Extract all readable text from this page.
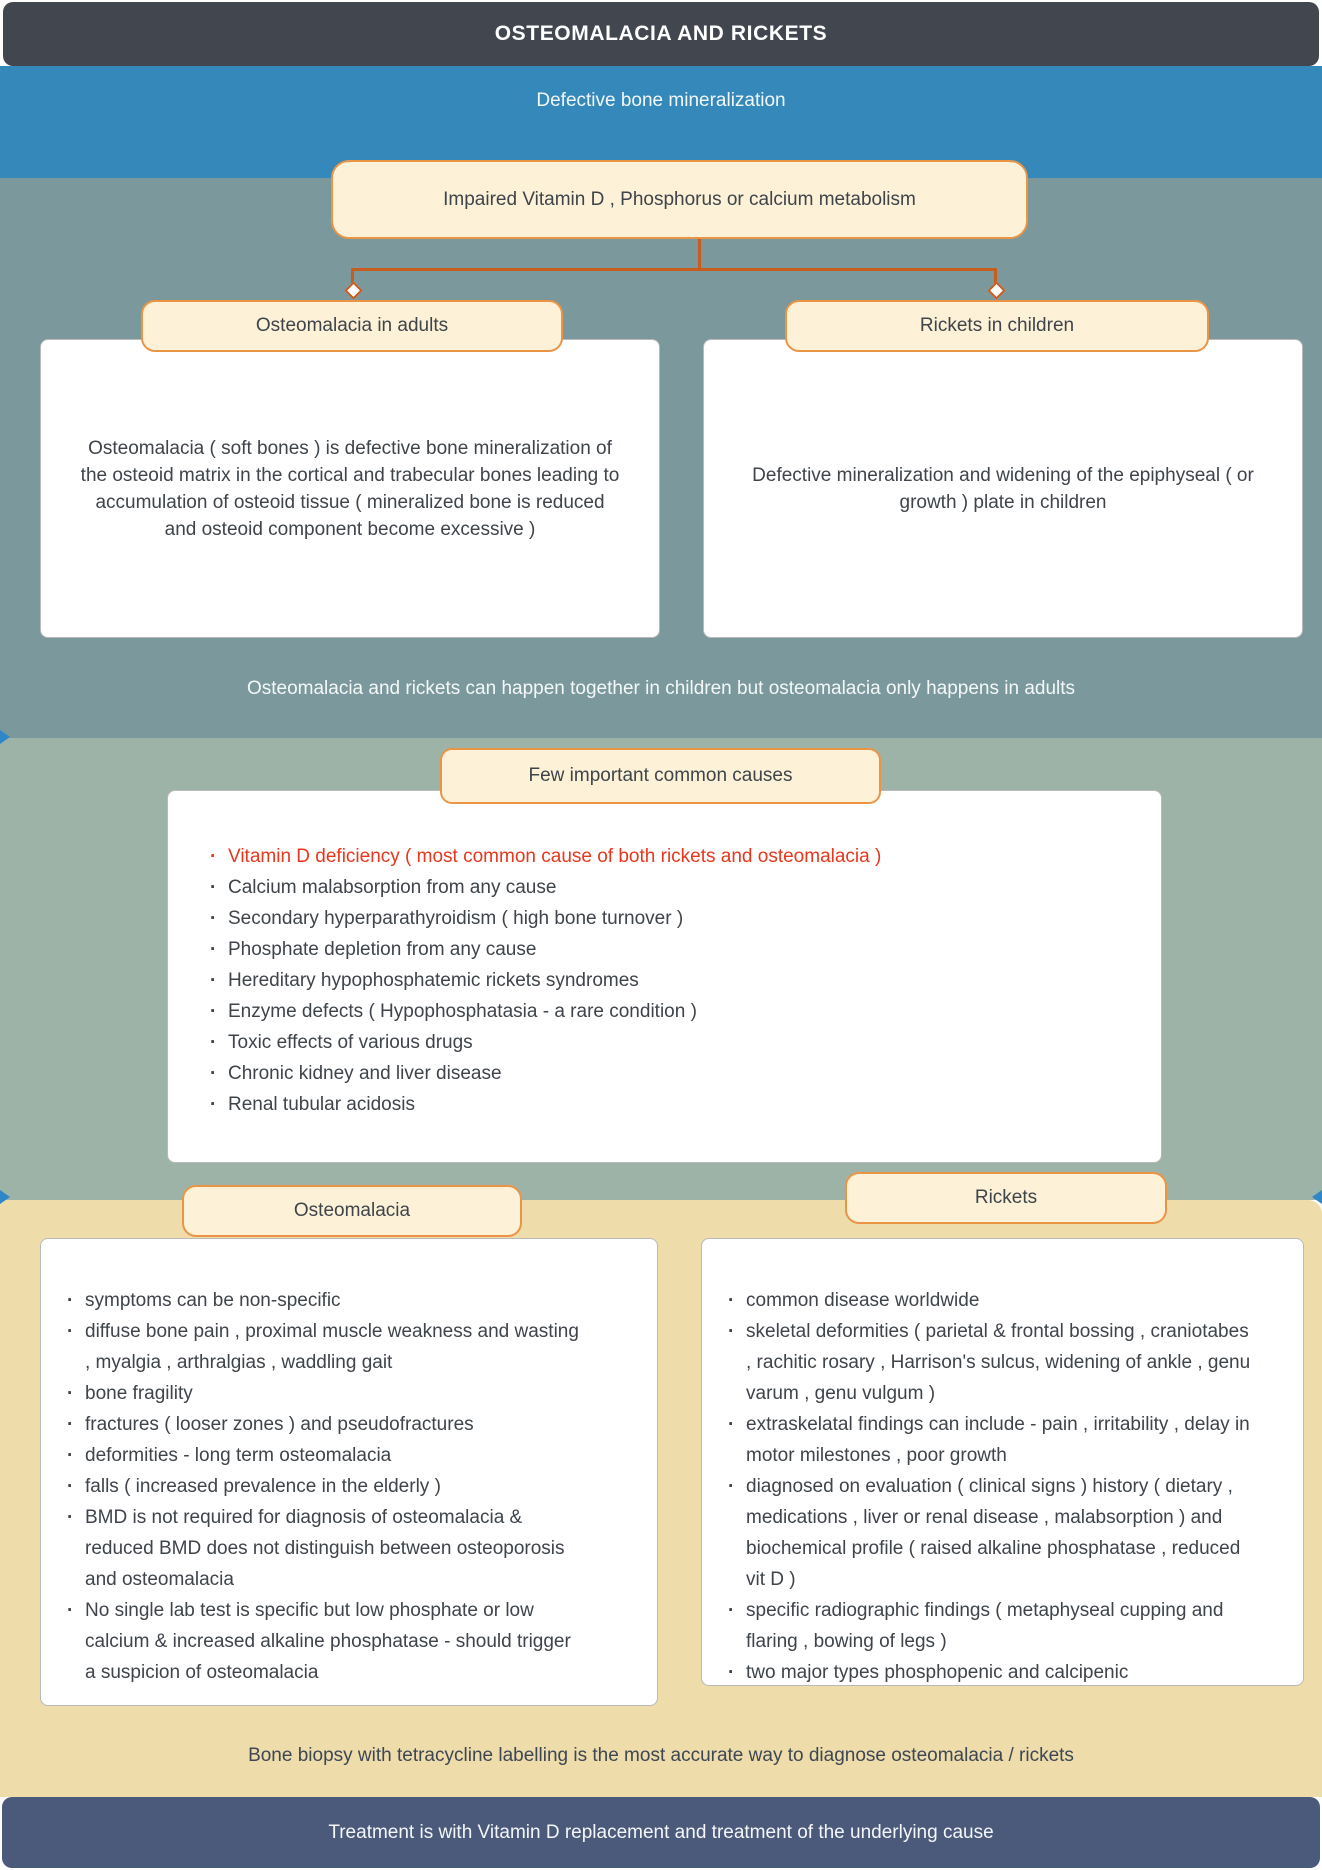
OSTEOMALACIA AND RICKETS
Defective bone mineralization
Impaired Vitamin D , Phosphorus or calcium metabolism
Osteomalacia in adults

Osteomalacia ( soft bones ) is defective bone mineralization of the osteoid matrix in the cortical and trabecular bones leading to accumulation of osteoid tissue ( mineralized bone is reduced and osteoid component become excessive )

Rickets in children

Defective mineralization and widening of the epiphyseal ( or growth ) plate in children

Osteomalacia and rickets can happen together in children but osteomalacia only happens in adults
Few important common causes
· Vitamin D deficiency ( most common cause of both rickets and osteomalacia )
· Calcium malabsorption from any cause
· Secondary hyperparathyroidism ( high bone turnover )
· Phosphate depletion from any cause
· Hereditary hypophosphatemic rickets syndromes
· Enzyme defects ( Hypophosphatasia - a rare condition )
· Toxic effects of various drugs
· Chronic kidney and liver disease
· Renal tubular acidosis
Osteomalacia
· symptoms can be non-specific
· diffuse bone pain , proximal muscle weakness and wasting , myalgia , arthralgias , waddling gait
· bone fragility
· fractures ( looser zones ) and pseudofractures
· deformities - long term osteomalacia
· falls ( increased prevalence in the elderly )
· BMD is not required for diagnosis of osteomalacia & reduced BMD does not distinguish between osteoporosis and osteomalacia
· No single lab test is specific but low phosphate or low calcium & increased alkaline phosphatase - should trigger a suspicion of osteomalacia
Rickets
· common disease worldwide
· skeletal deformities ( parietal & frontal bossing , craniotabes , rachitic rosary , Harrison's sulcus, widening of ankle , genu varum , genu vulgum )
· extraskelatal findings can include - pain , irritability , delay in motor milestones , poor growth
· diagnosed on evaluation ( clinical signs ) history ( dietary , medications , liver or renal disease , malabsorption ) and biochemical profile ( raised alkaline phosphatase , reduced vit D )
· specific radiographic findings ( metaphyseal cupping and flaring , bowing of legs )
· two major types phosphopenic and calcipenic
Bone biopsy with tetracycline labelling is the most accurate way to diagnose osteomalacia / rickets
Treatment is with Vitamin D replacement and treatment of the underlying cause
